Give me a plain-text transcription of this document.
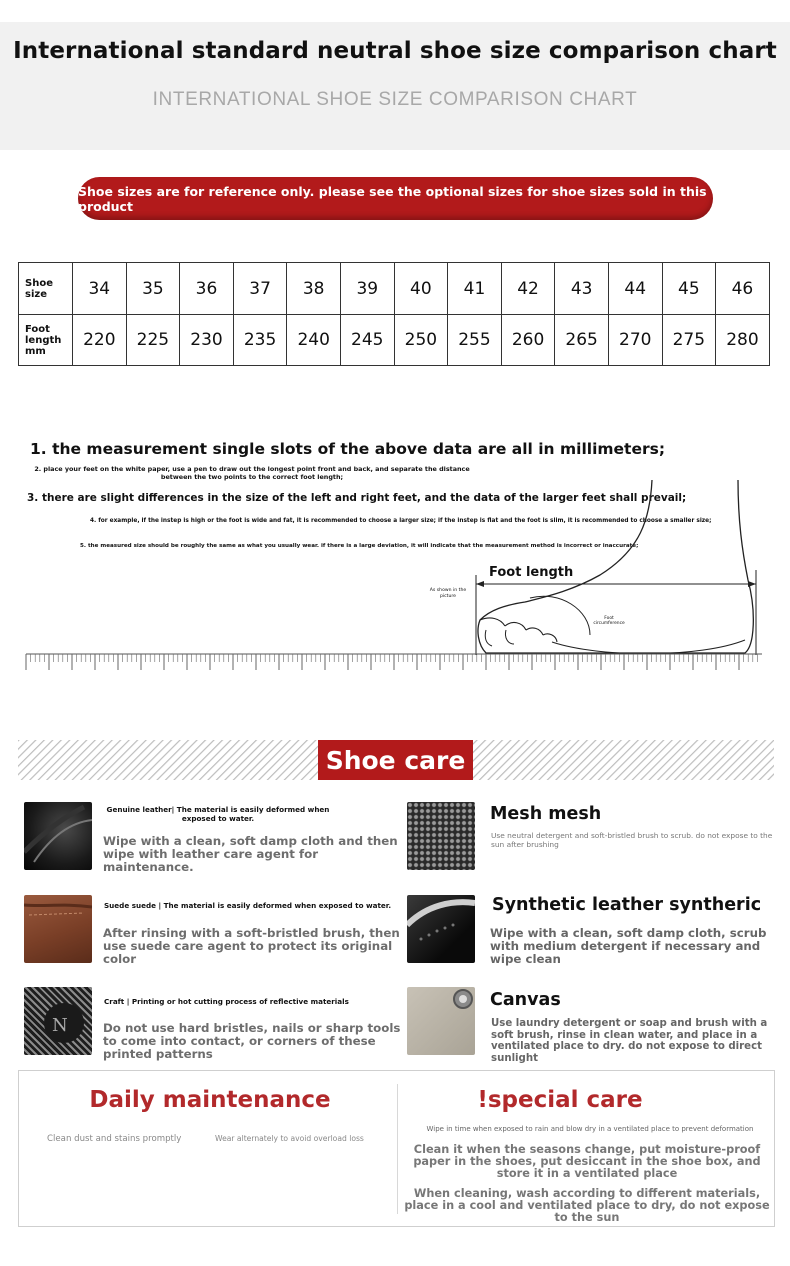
International standard neutral shoe size comparison chart
INTERNATIONAL SHOE SIZE COMPARISON CHART
Shoe sizes are for reference only. please see the optional sizes for shoe sizes sold in this product
Shoe size	34	35	36	37	38	39	40	41	42	43	44	45	46
Foot length mm	220	225	230	235	240	245	250	255	260	265	270	275	280
1. the measurement single slots of the above data are all in millimeters;
2. place your feet on the white paper, use a pen to draw out the longest point front and back, and separate the distance between the two points to the correct foot length;
3. there are slight differences in the size of the left and right feet, and the data of the larger feet shall prevail;
4. for example, if the instep is high or the foot is wide and fat, it is recommended to choose a larger size; if the instep is flat and the foot is slim, it is recommended to choose a smaller size;
5. the measured size should be roughly the same as what you usually wear. if there is a large deviation, it will indicate that the measurement method is incorrect or inaccurate;
Foot length
As shown in the picture
Foot circumference
Shoe care
Genuine leather| The material is easily deformed when exposed to water.
Wipe with a clean, soft damp cloth and then wipe with leather care agent for maintenance.
Suede suede | The material is easily deformed when exposed to water.
After rinsing with a soft-bristled brush, then use suede care agent to protect its original color
N
Craft | Printing or hot cutting process of reflective materials
Do not use hard bristles, nails or sharp tools to come into contact, or corners of these printed patterns
Mesh mesh
Use neutral detergent and soft-bristled brush to scrub. do not expose to the sun after brushing
Synthetic leather syntheric
Wipe with a clean, soft damp cloth, scrub with medium detergent if necessary and wipe clean
Canvas
Use laundry detergent or soap and brush with a soft brush, rinse in clean water, and place in a ventilated place to dry. do not expose to direct sunlight
Daily maintenance
Clean dust and stains promptly	Wear alternately to avoid overload loss
!special care
Wipe in time when exposed to rain and blow dry in a ventilated place to prevent deformation
Clean it when the seasons change, put moisture-proof paper in the shoes, put desiccant in the shoe box, and store it in a ventilated place
When cleaning, wash according to different materials, place in a cool and ventilated place to dry, do not expose to the sun
